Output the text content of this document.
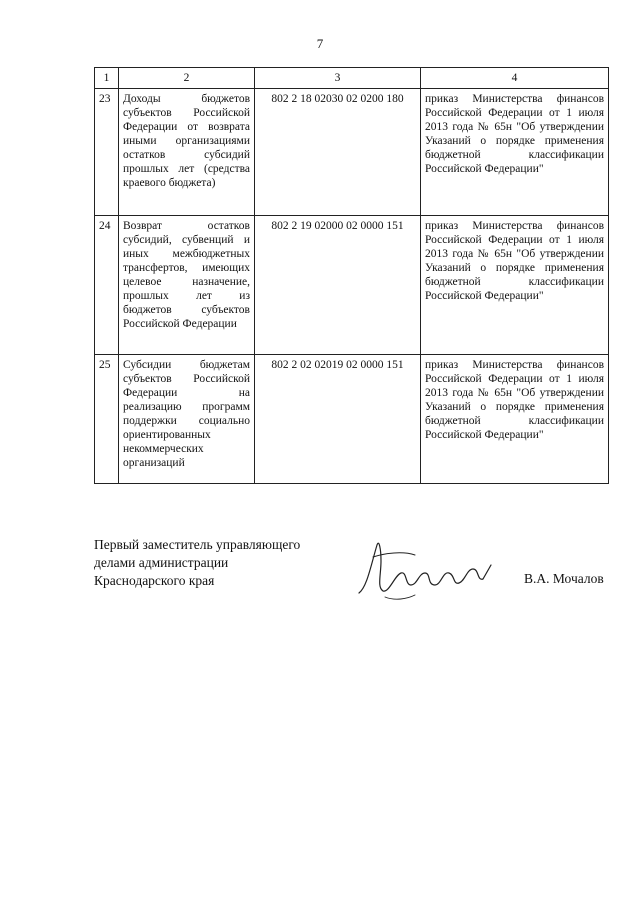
7
1	2	3	4
23	Доходы бюджетов субъектов Российской Федерации от возврата иными организациями остатков субсидий прошлых лет (средства краевого бюджета)	802 2 18 02030 02 0200 180	приказ Министерства финансов Российской Федерации от 1 июля 2013 года № 65н "Об утверждении Указаний о порядке применения бюджетной классификации Российской Федерации"
24	Возврат остатков субсидий, субвенций и иных межбюджетных трансфертов, имеющих целевое назначение, прошлых лет из бюджетов субъектов Российской Федерации	802 2 19 02000 02 0000 151	приказ Министерства финансов Российской Федерации от 1 июля 2013 года № 65н "Об утверждении Указаний о порядке применения бюджетной классификации Российской Федерации"
25	Субсидии бюджетам субъектов Российской Федерации на реализацию программ поддержки социально ориентированных некоммерческих организаций	802 2 02 02019 02 0000 151	приказ Министерства финансов Российской Федерации от 1 июля 2013 года № 65н "Об утверждении Указаний о порядке применения бюджетной классификации Российской Федерации"
Первый заместитель управляющего
делами администрации
Краснодарского края	В.А. Мочалов
